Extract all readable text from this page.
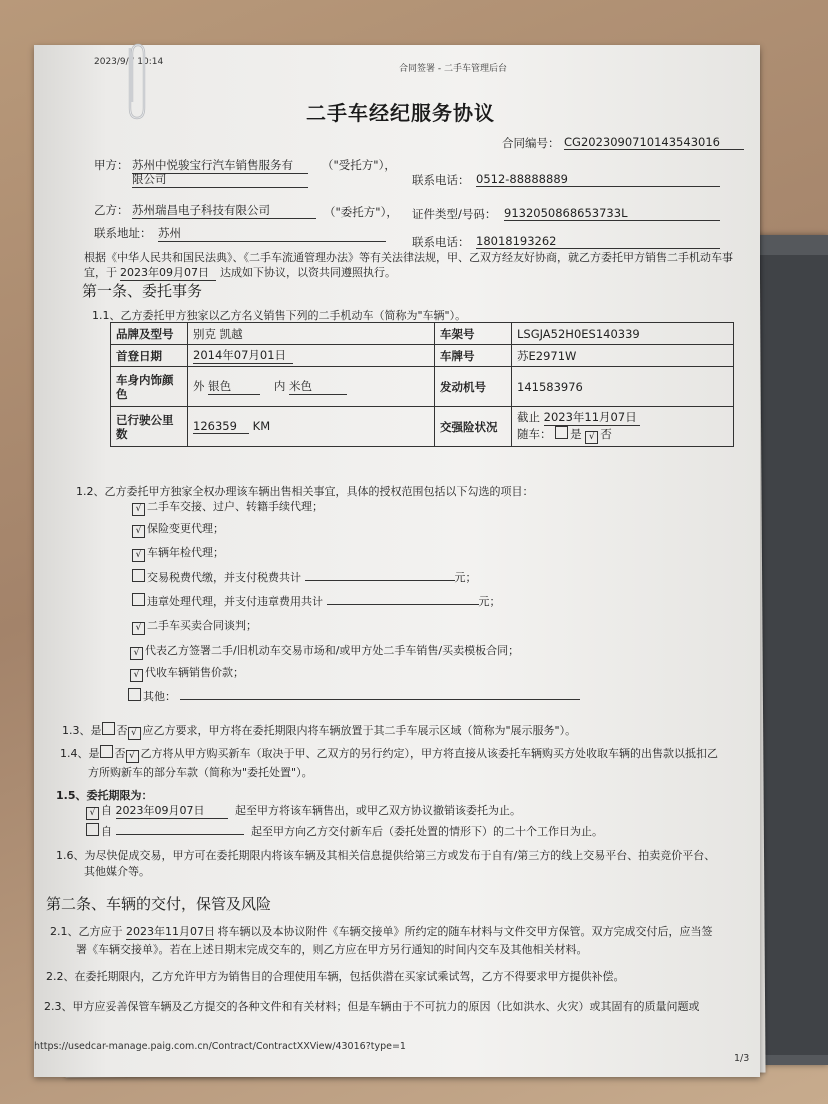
2023/9/7 10:14
合同签署 - 二手车管理后台
二手车经纪服务协议
合同编号： CG2023090710143543016
甲方： 苏州中悦骏宝行汽车销售服务有
限公司
（"受托方"），
联系电话： 0512-88888889
乙方： 苏州瑞昌电子科技有限公司	（"委托方"）， 证件类型/号码： 9132050868653733L
联系地址： 苏州
联系电话： 18018193262
根据《中华人民共和国民法典》、《二手车流通管理办法》等有关法律法规，甲、乙双方经友好协商，就乙方委托甲方销售二手机动车事
宜，于 2023年09月07日	达成如下协议，以资共同遵照执行。
第一条、委托事务
1.1、乙方委托甲方独家以乙方名义销售下列的二手机动车（简称为"车辆"）。
品牌及型号	别克 凯越	车架号	LSGJA52H0ES140339
首登日期	2014年07月01日	车牌号	苏E2971W
车身内饰颜色	外 银色 内 米色	发动机号	141583976
已行驶公里数	126359 KM	交强险状况	截止 2023年11月07日
随车： 是 √ 否
1.2、乙方委托甲方独家全权办理该车辆出售相关事宜，具体的授权范围包括以下勾选的项目：
√ 二手车交接、过户、转籍手续代理；
√ 保险变更代理；
√ 车辆年检代理；
交易税费代缴，并支付税费共计	元；
违章处理代理，并支付违章费用共计	元；
√ 二手车买卖合同谈判；
√ 代表乙方签署二手/旧机动车交易市场和/或甲方处二手车销售/买卖模板合同；
√ 代收车辆销售价款；
其他：
1.3、是 否 √ 应乙方要求，甲方将在委托期限内将车辆放置于其二手车展示区域（简称为"展示服务"）。
1.4、是 否 √ 乙方将从甲方购买新车（取决于甲、乙双方的另行约定），甲方将直接从该委托车辆购买方处收取车辆的出售款以抵扣乙
方所购新车的部分车款（简称为"委托处置"）。
1.5、委托期限为：
√ 自 2023年09月07日	起至甲方将该车辆售出，或甲乙双方协议撤销该委托为止。
自	起至甲方向乙方交付新车后（委托处置的情形下）的二十个工作日为止。
1.6、为尽快促成交易，甲方可在委托期限内将该车辆及其相关信息提供给第三方或发布于自有/第三方的线上交易平台、拍卖竞价平台、
其他媒介等。
第二条、车辆的交付，保管及风险
2.1、乙方应于 2023年11月07日 将车辆以及本协议附件《车辆交接单》所约定的随车材料与文件交甲方保管。双方完成交付后，应当签
署《车辆交接单》。若在上述日期末完成交车的，则乙方应在甲方另行通知的时间内交车及其他相关材料。
2.2、在委托期限内，乙方允许甲方为销售目的合理使用车辆，包括供潜在买家试乘试驾，乙方不得要求甲方提供补偿。
2.3、甲方应妥善保管车辆及乙方提交的各种文件和有关材料；但是车辆由于不可抗力的原因（比如洪水、火灾）或其固有的质量问题或
https://usedcar-manage.paig.com.cn/Contract/ContractXXView/43016?type=1
1/3
